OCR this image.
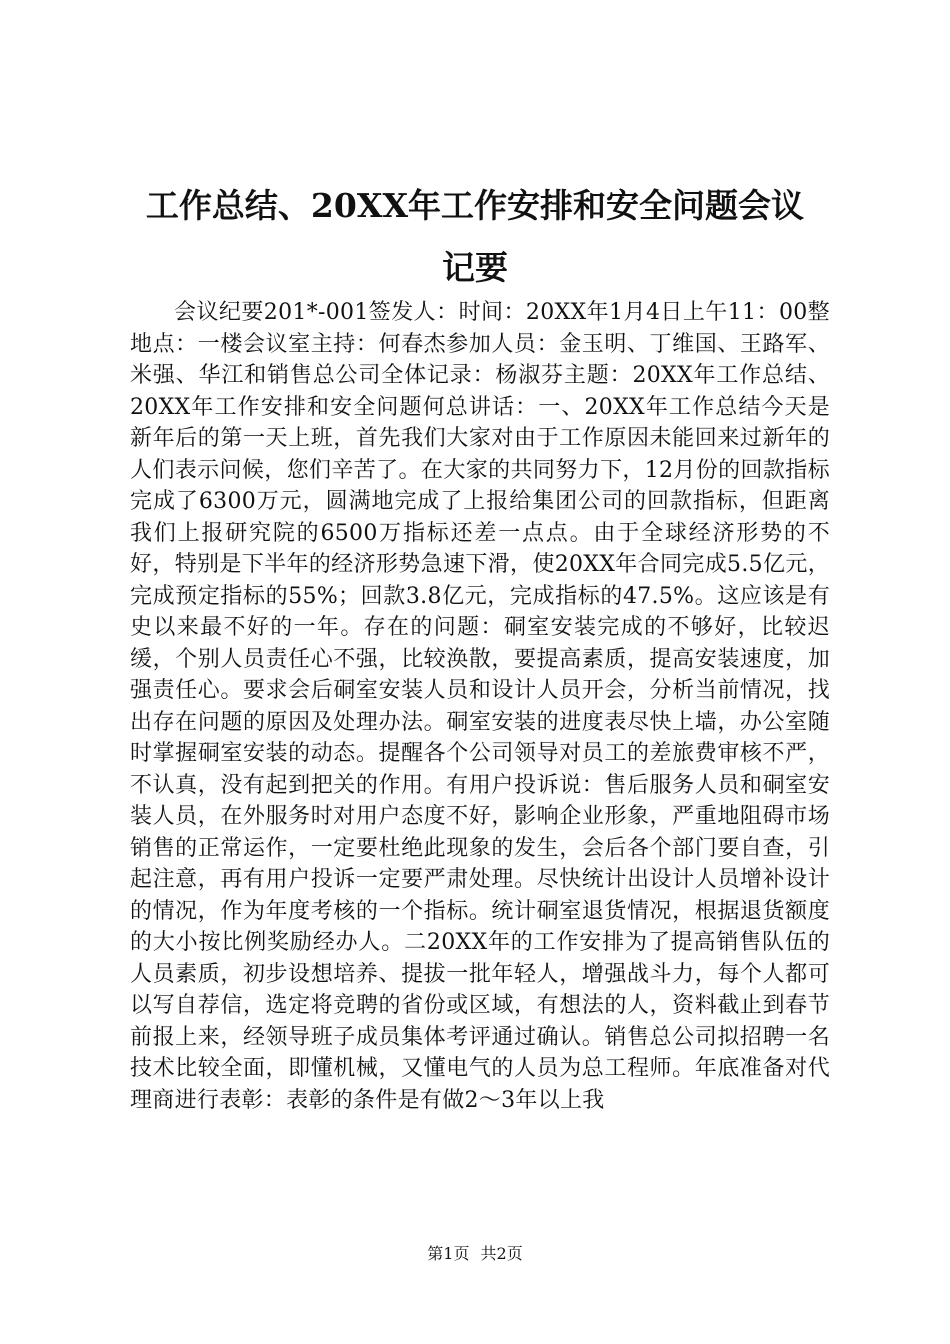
工作总结、20XX年工作安排和安全问题会议
记要

会议纪要201*-001签发人：时间：20XX年1月4日上午11：00整地点：一楼会议室主持：何春杰参加人员：金玉明、丁维国、王路军、米强、华江和销售总公司全体记录：杨淑芬主题：20XX年工作总结、20XX年工作安排和安全问题何总讲话：一、20XX年工作总结今天是新年后的第一天上班，首先我们大家对由于工作原因未能回来过新年的人们表示问候，您们辛苦了。在大家的共同努力下，12月份的回款指标完成了6300万元，圆满地完成了上报给集团公司的回款指标，但距离我们上报研究院的6500万指标还差一点点。由于全球经济形势的不好，特别是下半年的经济形势急速下滑，使20XX年合同完成5.5亿元，完成预定指标的55%；回款3.8亿元，完成指标的47.5%。这应该是有史以来最不好的一年。存在的问题：硐室安装完成的不够好，比较迟缓，个别人员责任心不强，比较涣散，要提高素质，提高安装速度，加强责任心。要求会后硐室安装人员和设计人员开会，分析当前情况，找出存在问题的原因及处理办法。硐室安装的进度表尽快上墙，办公室随时掌握硐室安装的动态。提醒各个公司领导对员工的差旅费审核不严，不认真，没有起到把关的作用。有用户投诉说：售后服务人员和硐室安装人员，在外服务时对用户态度不好，影响企业形象，严重地阻碍市场销售的正常运作，一定要杜绝此现象的发生，会后各个部门要自查，引起注意，再有用户投诉一定要严肃处理。尽快统计出设计人员增补设计的情况，作为年度考核的一个指标。统计硐室退货情况，根据退货额度的大小按比例奖励经办人。二20XX年的工作安排为了提高销售队伍的人员素质，初步设想培养、提拔一批年轻人，增强战斗力，每个人都可以写自荐信，选定将竞聘的省份或区域，有想法的人，资料截止到春节前报上来，经领导班子成员集体考评通过确认。销售总公司拟招聘一名技术比较全面，即懂机械，又懂电气的人员为总工程师。年底准备对代理商进行表彰：表彰的条件是有做2～3年以上我

第1页 共2页
